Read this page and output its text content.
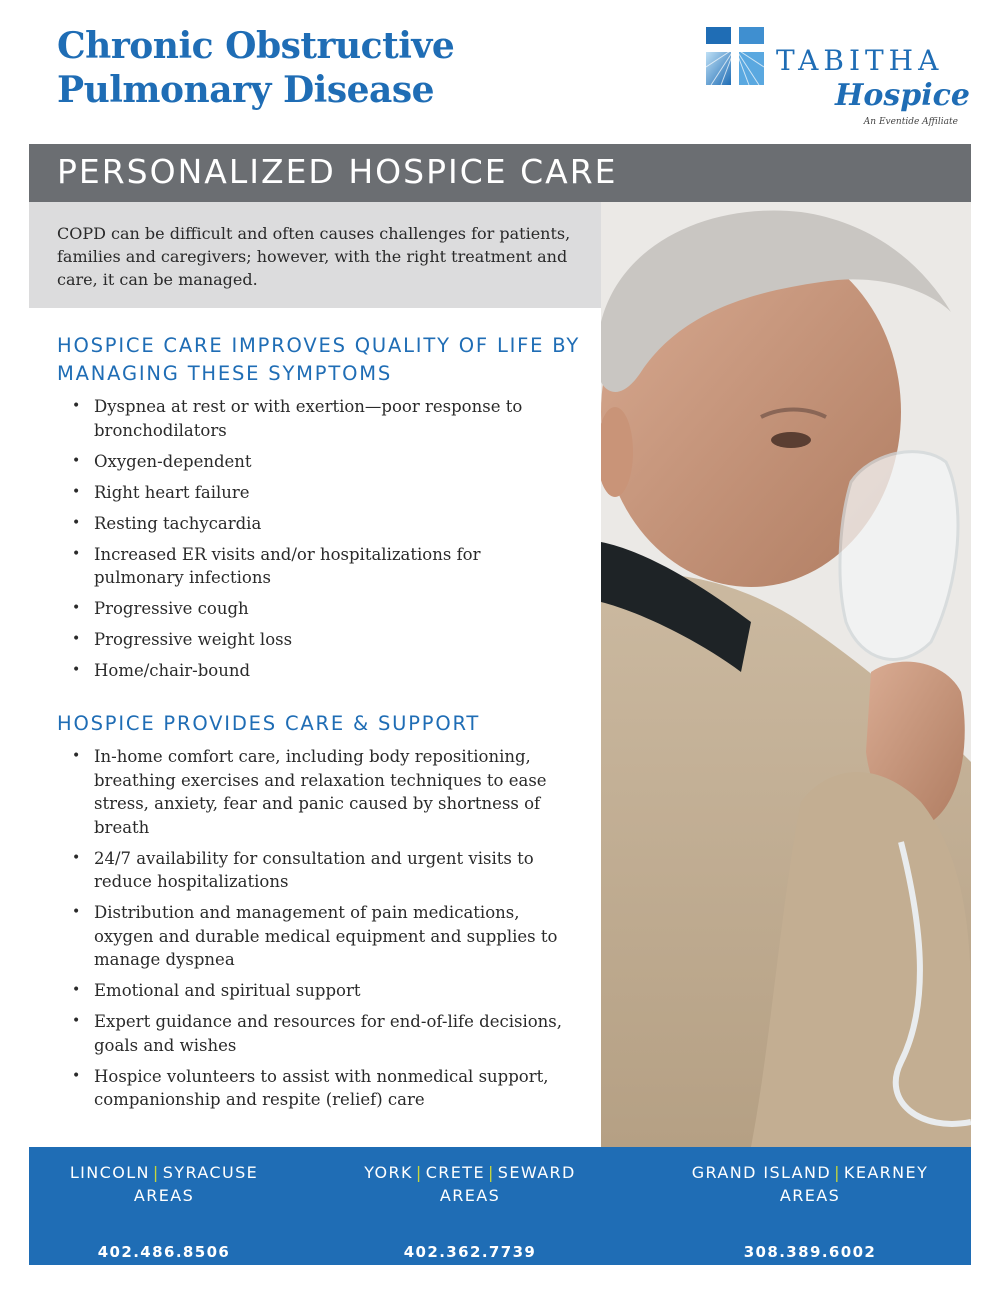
Chronic Obstructive
Pulmonary Disease
TABITHA
Hospice
An Eventide Affiliate
PERSONALIZED HOSPICE CARE

COPD can be difficult and often causes challenges for patients, families and caregivers; however, with the right treatment and care, it can be managed.

HOSPICE CARE IMPROVES QUALITY OF LIFE BY MANAGING THESE SYMPTOMS
• Dyspnea at rest or with exertion—poor response to bronchodilators
• Oxygen-dependent
• Right heart failure
• Resting tachycardia
• Increased ER visits and/or hospitalizations for pulmonary infections
• Progressive cough
• Progressive weight loss
• Home/chair-bound
HOSPICE PROVIDES CARE & SUPPORT
• In-home comfort care, including body repositioning, breathing exercises and relaxation techniques to ease stress, anxiety, fear and panic caused by shortness of breath
• 24/7 availability for consultation and urgent visits to reduce hospitalizations
• Distribution and management of pain medications, oxygen and durable medical equipment and supplies to manage dyspnea
• Emotional and spiritual support
• Expert guidance and resources for end-of-life decisions, goals and wishes
• Hospice volunteers to assist with nonmedical support, companionship and respite (relief) care
LINCOLN | SYRACUSE
AREAS
402.486.8506
YORK | CRETE | SEWARD
AREAS
402.362.7739
GRAND ISLAND | KEARNEY
AREAS
308.389.6002
